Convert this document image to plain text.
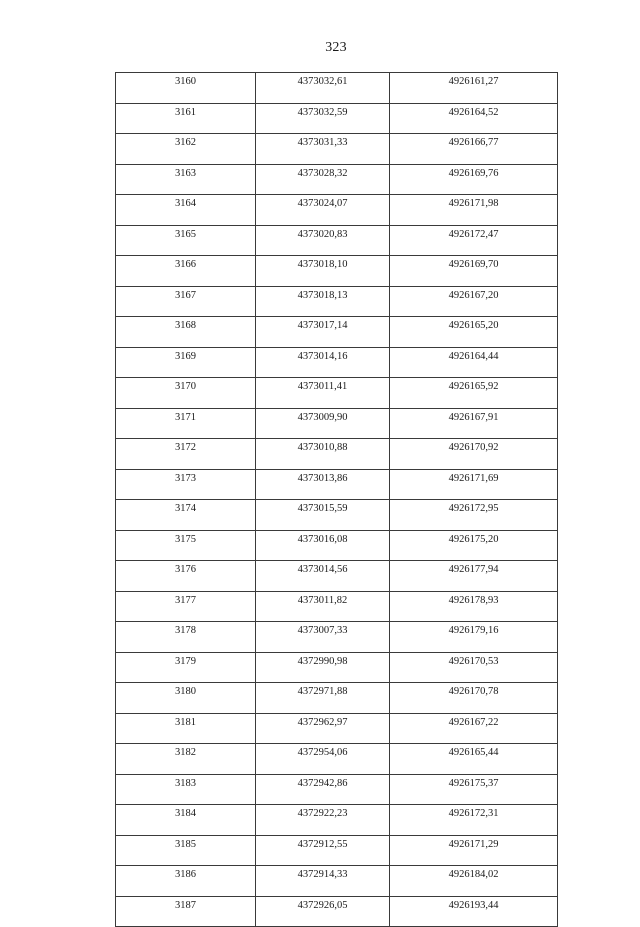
323
3160	4373032,61	4926161,27
3161	4373032,59	4926164,52
3162	4373031,33	4926166,77
3163	4373028,32	4926169,76
3164	4373024,07	4926171,98
3165	4373020,83	4926172,47
3166	4373018,10	4926169,70
3167	4373018,13	4926167,20
3168	4373017,14	4926165,20
3169	4373014,16	4926164,44
3170	4373011,41	4926165,92
3171	4373009,90	4926167,91
3172	4373010,88	4926170,92
3173	4373013,86	4926171,69
3174	4373015,59	4926172,95
3175	4373016,08	4926175,20
3176	4373014,56	4926177,94
3177	4373011,82	4926178,93
3178	4373007,33	4926179,16
3179	4372990,98	4926170,53
3180	4372971,88	4926170,78
3181	4372962,97	4926167,22
3182	4372954,06	4926165,44
3183	4372942,86	4926175,37
3184	4372922,23	4926172,31
3185	4372912,55	4926171,29
3186	4372914,33	4926184,02
3187	4372926,05	4926193,44
